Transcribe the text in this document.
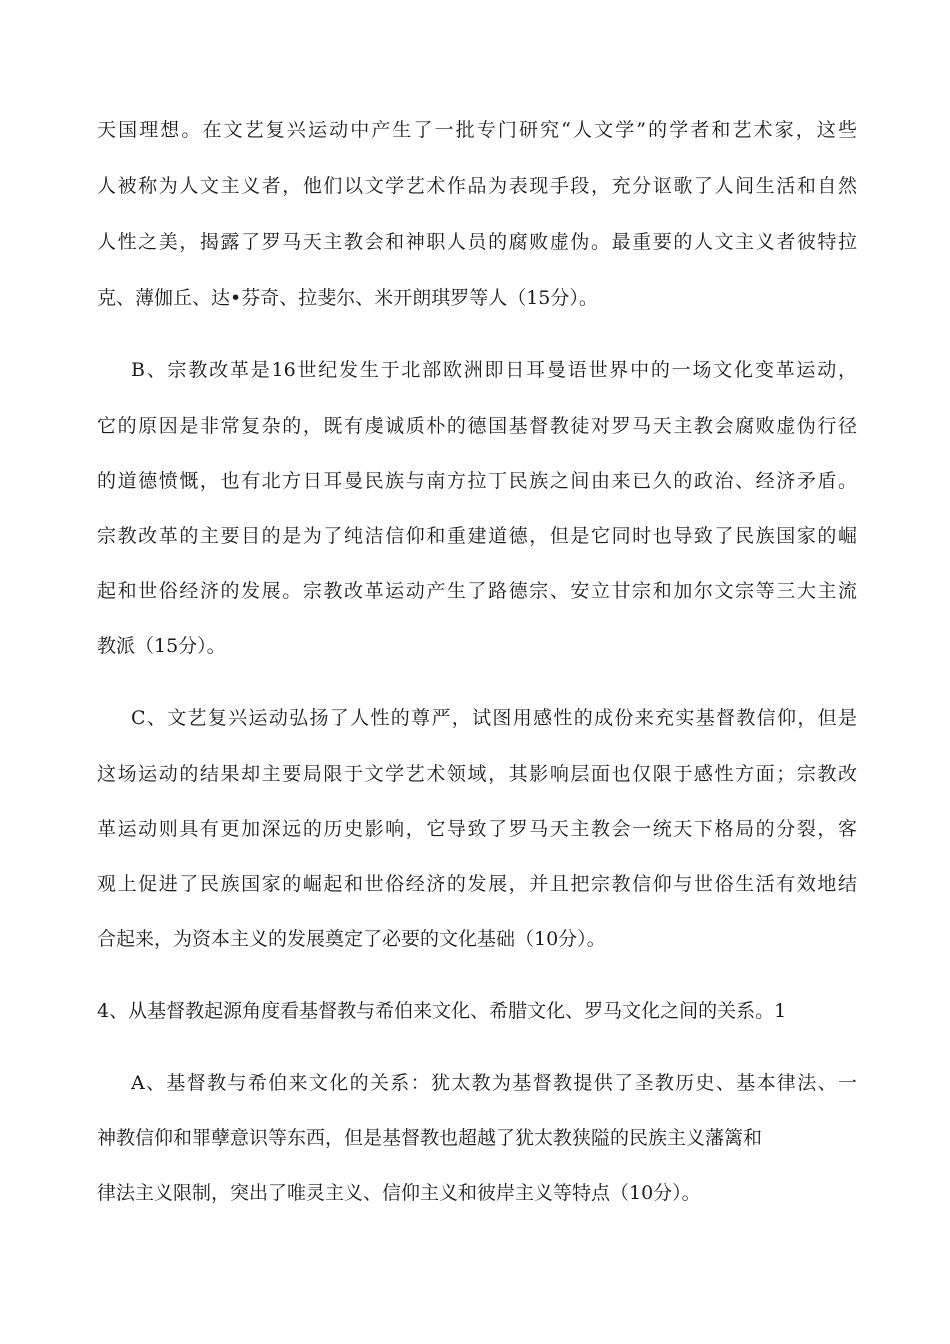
天国理想。在文艺复兴运动中产生了一批专门研究“人文学”的学者和艺术家，这些
人被称为人文主义者，他们以文学艺术作品为表现手段，充分讴歌了人间生活和自然
人性之美，揭露了罗马天主教会和神职人员的腐败虚伪。最重要的人文主义者彼特拉
克、薄伽丘、达•芬奇、拉斐尔、米开朗琪罗等人（15分）。
B、宗教改革是16世纪发生于北部欧洲即日耳曼语世界中的一场文化变革运动，
它的原因是非常复杂的，既有虔诚质朴的德国基督教徒对罗马天主教会腐败虚伪行径
的道德愤慨，也有北方日耳曼民族与南方拉丁民族之间由来已久的政治、经济矛盾。
宗教改革的主要目的是为了纯洁信仰和重建道德，但是它同时也导致了民族国家的崛
起和世俗经济的发展。宗教改革运动产生了路德宗、安立甘宗和加尔文宗等三大主流
教派（15分）。
C、文艺复兴运动弘扬了人性的尊严，试图用感性的成份来充实基督教信仰，但是
这场运动的结果却主要局限于文学艺术领域，其影响层面也仅限于感性方面；宗教改
革运动则具有更加深远的历史影响，它导致了罗马天主教会一统天下格局的分裂，客
观上促进了民族国家的崛起和世俗经济的发展，并且把宗教信仰与世俗生活有效地结
合起来，为资本主义的发展奠定了必要的文化基础（10分）。
4、从基督教起源角度看基督教与希伯来文化、希腊文化、罗马文化之间的关系。1
A、基督教与希伯来文化的关系：犹太教为基督教提供了圣教历史、基本律法、一
神教信仰和罪孽意识等东西，但是基督教也超越了犹太教狭隘的民族主义藩篱和
律法主义限制，突出了唯灵主义、信仰主义和彼岸主义等特点（10分）。
